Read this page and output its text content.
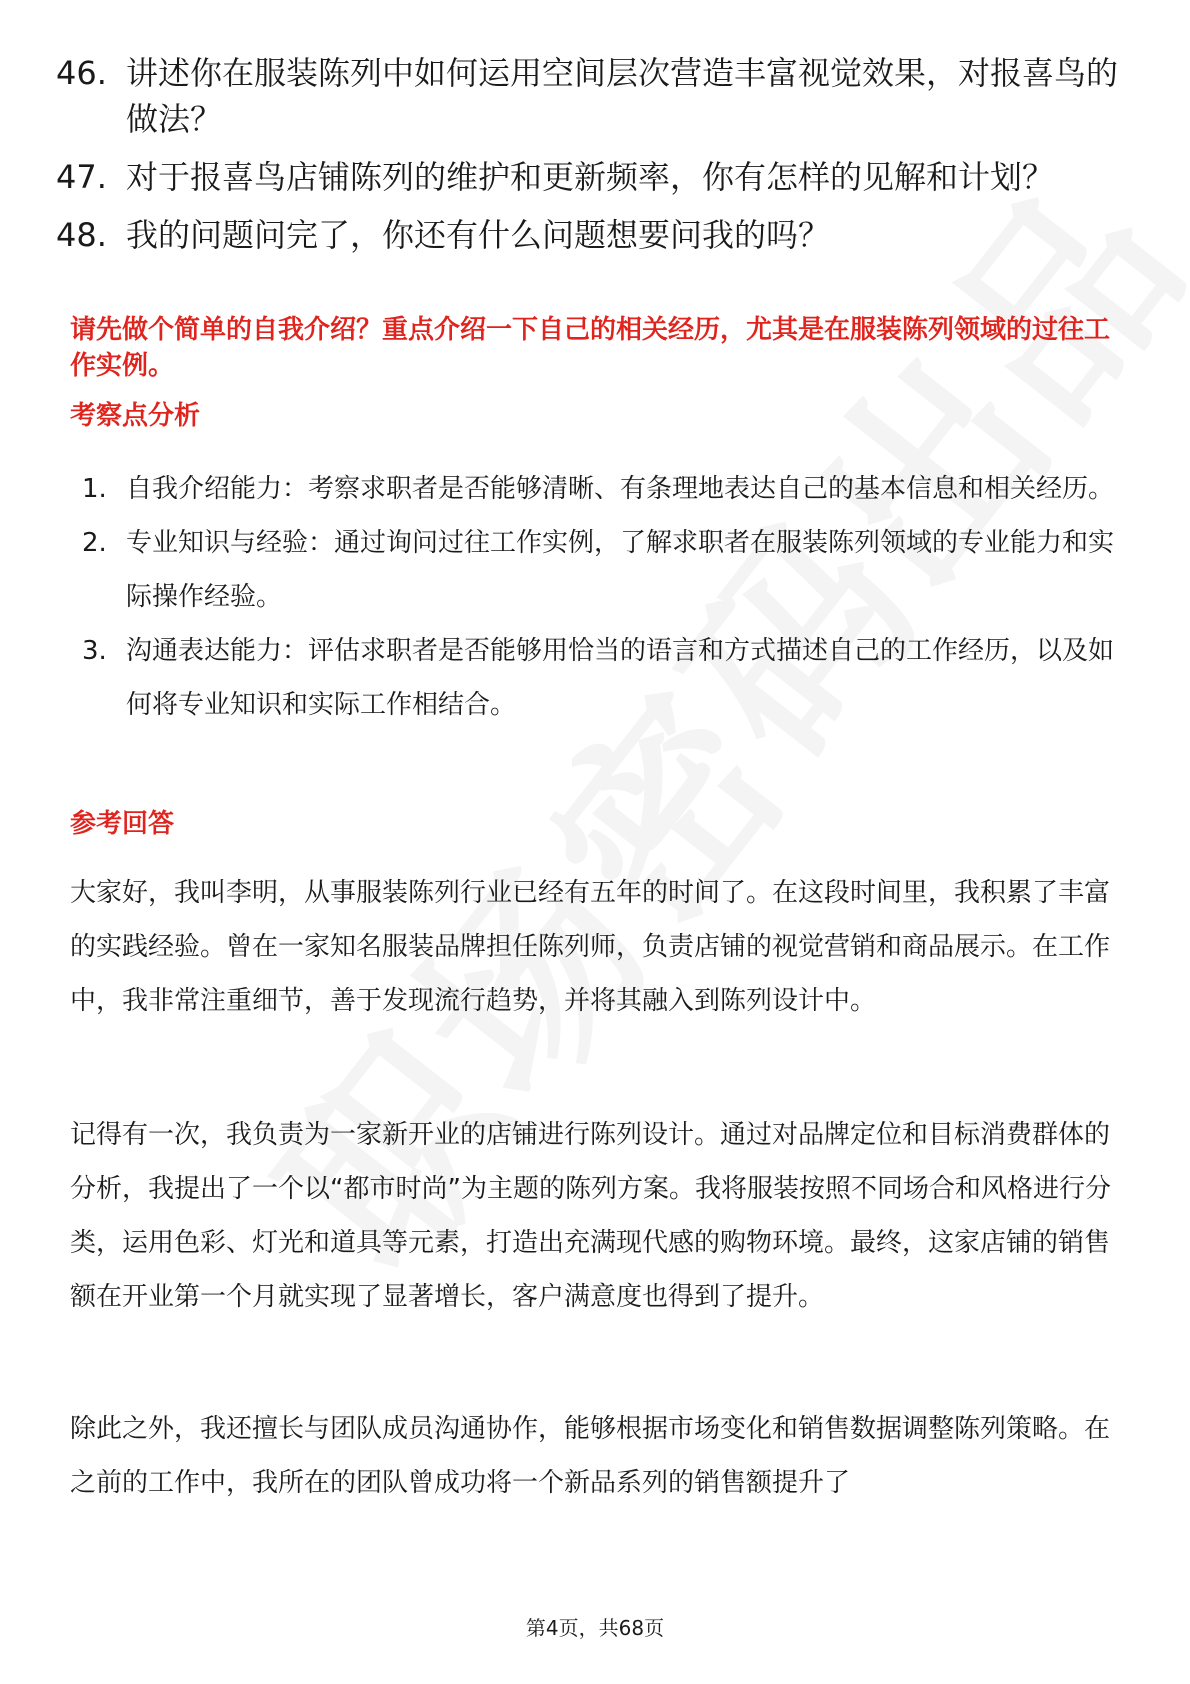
46. 讲述你在服装陈列中如何运用空间层次营造丰富视觉效果，对报喜鸟的做法？
47. 对于报喜鸟店铺陈列的维护和更新频率，你有怎样的见解和计划？
48. 我的问题问完了，你还有什么问题想要问我的吗？
请先做个简单的自我介绍？重点介绍一下自己的相关经历，尤其是在服装陈列领域的过往工作实例。
考察点分析
1. 自我介绍能力：考察求职者是否能够清晰、有条理地表达自己的基本信息和相关经历。
2. 专业知识与经验：通过询问过往工作实例，了解求职者在服装陈列领域的专业能力和实际操作经验。
3. 沟通表达能力：评估求职者是否能够用恰当的语言和方式描述自己的工作经历，以及如何将专业知识和实际工作相结合。
参考回答

大家好，我叫李明，从事服装陈列行业已经有五年的时间了。在这段时间里，我积累了丰富的实践经验。曾在一家知名服装品牌担任陈列师，负责店铺的视觉营销和商品展示。在工作中，我非常注重细节，善于发现流行趋势，并将其融入到陈列设计中。

记得有一次，我负责为一家新开业的店铺进行陈列设计。通过对品牌定位和目标消费群体的分析，我提出了一个以“都市时尚”为主题的陈列方案。我将服装按照不同场合和风格进行分类，运用色彩、灯光和道具等元素，打造出充满现代感的购物环境。最终，这家店铺的销售额在开业第一个月就实现了显著增长，客户满意度也得到了提升。

除此之外，我还擅长与团队成员沟通协作，能够根据市场变化和销售数据调整陈列策略。在之前的工作中，我所在的团队曾成功将一个新品系列的销售额提升了

第4页，共68页
